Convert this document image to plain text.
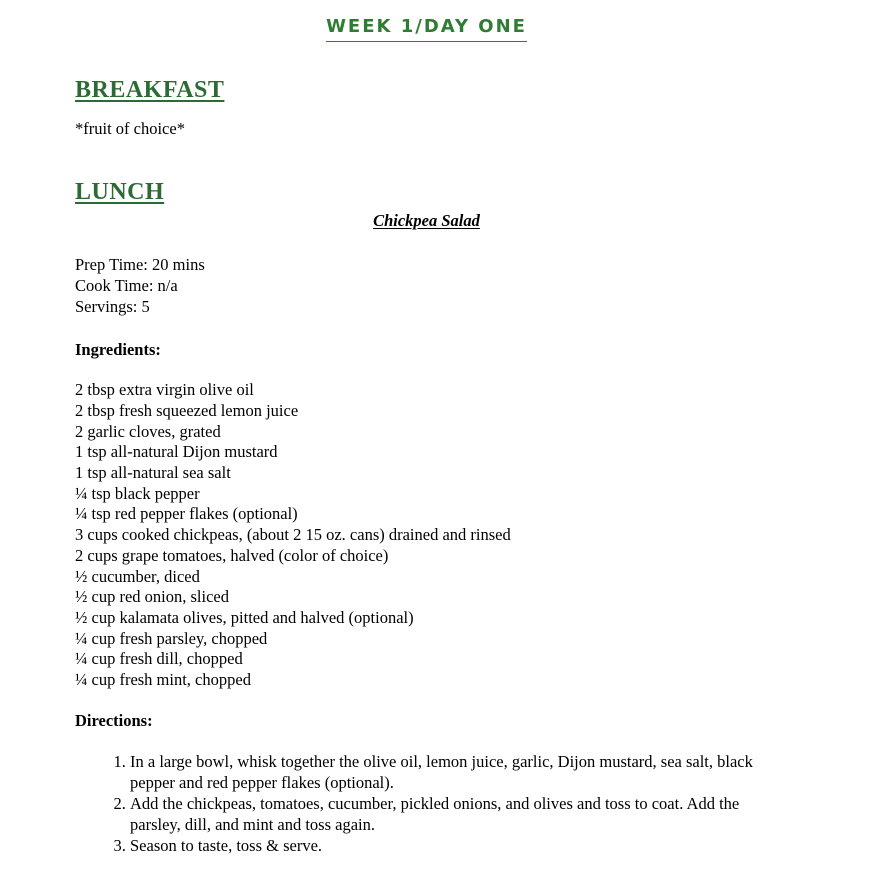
WEEK 1/DAY ONE
BREAKFAST
*fruit of choice*
LUNCH
Chickpea Salad
Prep Time: 20 mins
Cook Time: n/a
Servings: 5

Ingredients:

2 tbsp extra virgin olive oil
2 tbsp fresh squeezed lemon juice
2 garlic cloves, grated
1 tsp all-natural Dijon mustard
1 tsp all-natural sea salt
¼ tsp black pepper
¼ tsp red pepper flakes (optional)
3 cups cooked chickpeas, (about 2 15 oz. cans) drained and rinsed
2 cups grape tomatoes, halved (color of choice)
½ cucumber, diced
½ cup red onion, sliced
½ cup kalamata olives, pitted and halved (optional)
¼ cup fresh parsley, chopped
¼ cup fresh dill, chopped
¼ cup fresh mint, chopped

Directions:

1. In a large bowl, whisk together the olive oil, lemon juice, garlic, Dijon mustard, sea salt, black pepper and red pepper flakes (optional).
2. Add the chickpeas, tomatoes, cucumber, pickled onions, and olives and toss to coat. Add the parsley, dill, and mint and toss again.
3. Season to taste, toss & serve.
